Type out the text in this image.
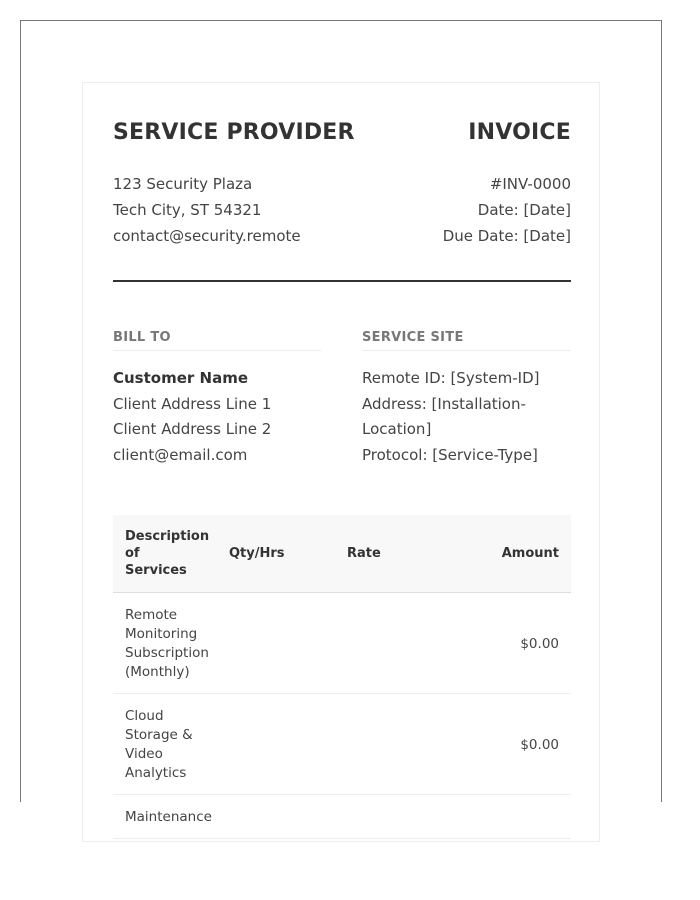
SERVICE PROVIDER	INVOICE
123 Security Plaza
Tech City, ST 54321
contact@security.remote
#INV-0000
Date: [Date]
Due Date: [Date]
BILL TO
Customer Name
Client Address Line 1
Client Address Line 2
client@email.com
SERVICE SITE
Remote ID: [System-ID]
Address: [Installation-Location]
Protocol: [Service-Type]
Description of Services	Qty/Hrs	Rate	Amount
Remote Monitoring Subscription (Monthly)			$0.00
Cloud Storage & Video Analytics			$0.00
Maintenance			
